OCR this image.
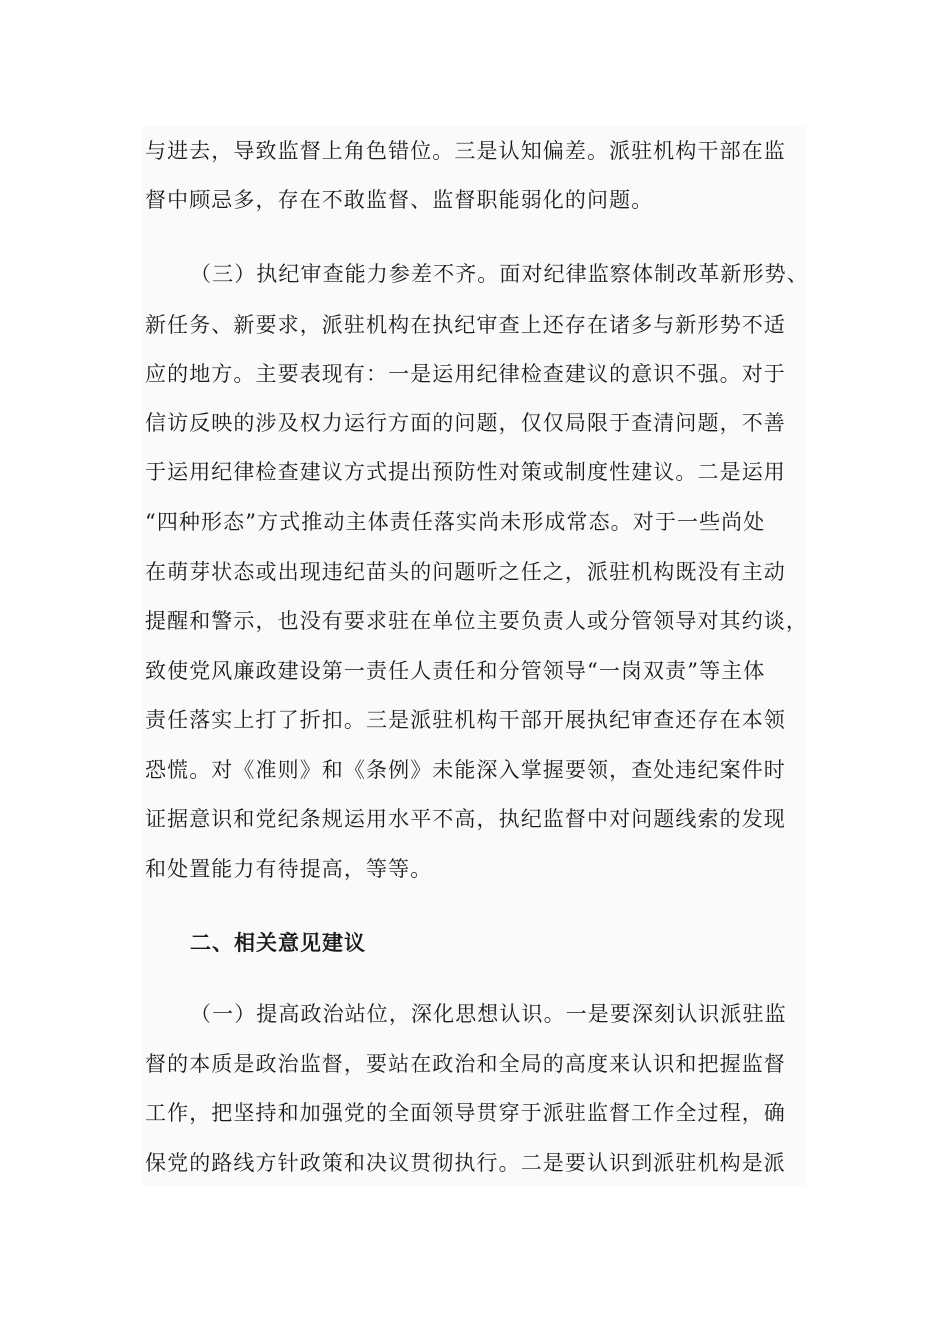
与进去，导致监督上角色错位。三是认知偏差。派驻机构干部在监
督中顾忌多，存在不敢监督、监督职能弱化的问题。
（三）执纪审查能力参差不齐。面对纪律监察体制改革新形势、
新任务、新要求，派驻机构在执纪审查上还存在诸多与新形势不适
应的地方。主要表现有：一是运用纪律检查建议的意识不强。对于
信访反映的涉及权力运行方面的问题，仅仅局限于查清问题，不善
于运用纪律检查建议方式提出预防性对策或制度性建议。二是运用
“四种形态”方式推动主体责任落实尚未形成常态。对于一些尚处
在萌芽状态或出现违纪苗头的问题听之任之，派驻机构既没有主动
提醒和警示，也没有要求驻在单位主要负责人或分管领导对其约谈，
致使党风廉政建设第一责任人责任和分管领导“一岗双责”等主体
责任落实上打了折扣。三是派驻机构干部开展执纪审查还存在本领
恐慌。对《准则》和《条例》未能深入掌握要领，查处违纪案件时
证据意识和党纪条规运用水平不高，执纪监督中对问题线索的发现
和处置能力有待提高，等等。
二、相关意见建议
（一）提高政治站位，深化思想认识。一是要深刻认识派驻监
督的本质是政治监督，要站在政治和全局的高度来认识和把握监督
工作，把坚持和加强党的全面领导贯穿于派驻监督工作全过程，确
保党的路线方针政策和决议贯彻执行。二是要认识到派驻机构是派
